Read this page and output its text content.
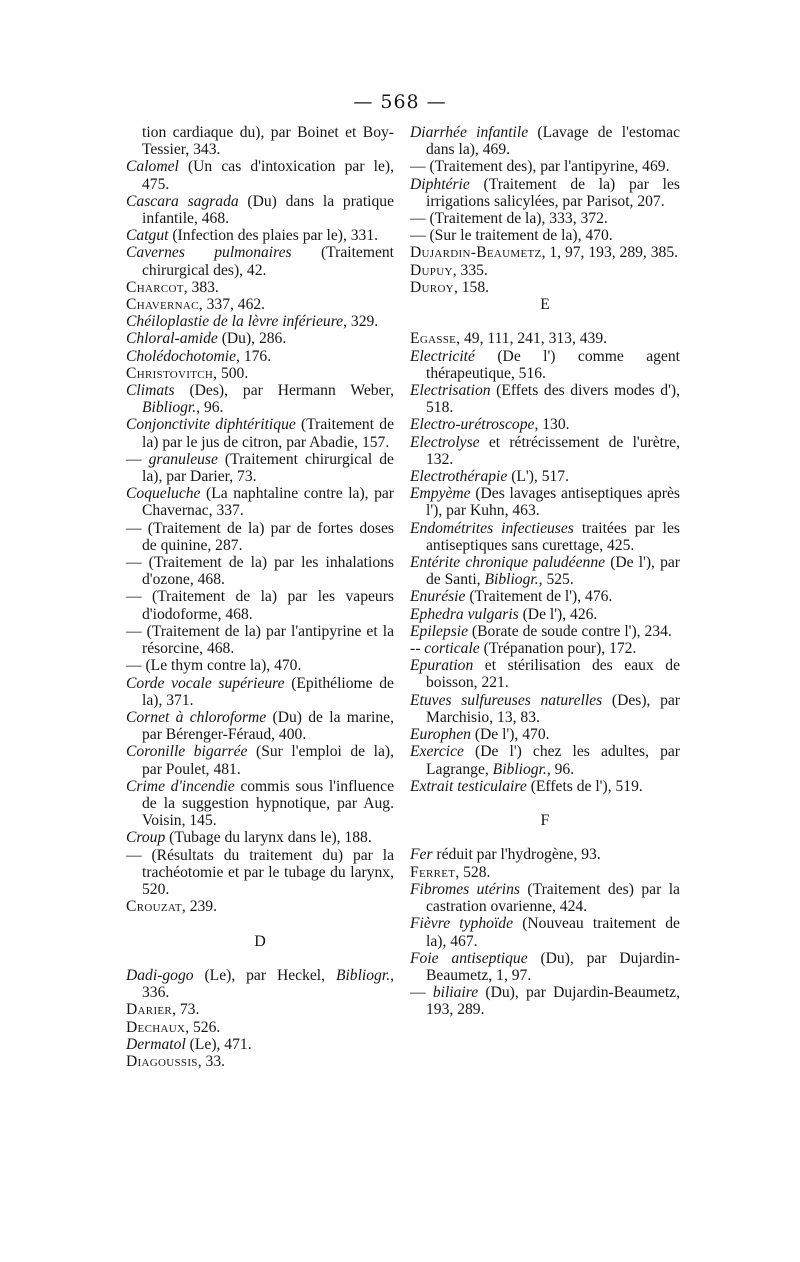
— 568 —

tion cardiaque du), par Boinet et Boy-Tessier, 343.

Calomel (Un cas d'intoxication par le), 475.

Cascara sagrada (Du) dans la pratique infantile, 468.

Catgut (Infection des plaies par le), 331.

Cavernes pulmonaires (Traitement chirurgical des), 42.

Charcot, 383.

Chavernac, 337, 462.

Chéiloplastie de la lèvre inférieure, 329.

Chloral-amide (Du), 286.

Cholédochotomie, 176.

Christovitch, 500.

Climats (Des), par Hermann Weber, Bibliogr., 96.

Conjonctivite diphtéritique (Traitement de la) par le jus de citron, par Abadie, 157.

— granuleuse (Traitement chirurgical de la), par Darier, 73.

Coqueluche (La naphtaline contre la), par Chavernac, 337.

— (Traitement de la) par de fortes doses de quinine, 287.

— (Traitement de la) par les inhalations d'ozone, 468.

— (Traitement de la) par les vapeurs d'iodoforme, 468.

— (Traitement de la) par l'antipyrine et la résorcine, 468.

— (Le thym contre la), 470.

Corde vocale supérieure (Epithéliome de la), 371.

Cornet à chloroforme (Du) de la marine, par Bérenger-Féraud, 400.

Coronille bigarrée (Sur l'emploi de la), par Poulet, 481.

Crime d'incendie commis sous l'influence de la suggestion hypnotique, par Aug. Voisin, 145.

Croup (Tubage du larynx dans le), 188.

— (Résultats du traitement du) par la trachéotomie et par le tubage du larynx, 520.

Crouzat, 239.

D

Dadi-gogo (Le), par Heckel, Bibliogr., 336.

Darier, 73.

Dechaux, 526.

Dermatol (Le), 471.

Diagoussis, 33.

Diarrhée infantile (Lavage de l'estomac dans la), 469.

— (Traitement des), par l'antipyrine, 469.

Diphtérie (Traitement de la) par les irrigations salicylées, par Parisot, 207.

— (Traitement de la), 333, 372.

— (Sur le traitement de la), 470.

Dujardin-Beaumetz, 1, 97, 193, 289, 385.

Dupuy, 335.

Duroy, 158.

E

Egasse, 49, 111, 241, 313, 439.

Electricité (De l') comme agent thérapeutique, 516.

Electrisation (Effets des divers modes d'), 518.

Electro-urétroscope, 130.

Electrolyse et rétrécissement de l'urètre, 132.

Electrothérapie (L'), 517.

Empyème (Des lavages antiseptiques après l'), par Kuhn, 463.

Endométrites infectieuses traitées par les antiseptiques sans curettage, 425.

Entérite chronique paludéenne (De l'), par de Santi, Bibliogr., 525.

Enurésie (Traitement de l'), 476.

Ephedra vulgaris (De l'), 426.

Epilepsie (Borate de soude contre l'), 234.

-- corticale (Trépanation pour), 172.

Epuration et stérilisation des eaux de boisson, 221.

Etuves sulfureuses naturelles (Des), par Marchisio, 13, 83.

Europhen (De l'), 470.

Exercice (De l') chez les adultes, par Lagrange, Bibliogr., 96.

Extrait testiculaire (Effets de l'), 519.

F

Fer réduit par l'hydrogène, 93.

Ferret, 528.

Fibromes utérins (Traitement des) par la castration ovarienne, 424.

Fièvre typhoïde (Nouveau traitement de la), 467.

Foie antiseptique (Du), par Dujardin-Beaumetz, 1, 97.

— biliaire (Du), par Dujardin-Beaumetz, 193, 289.
